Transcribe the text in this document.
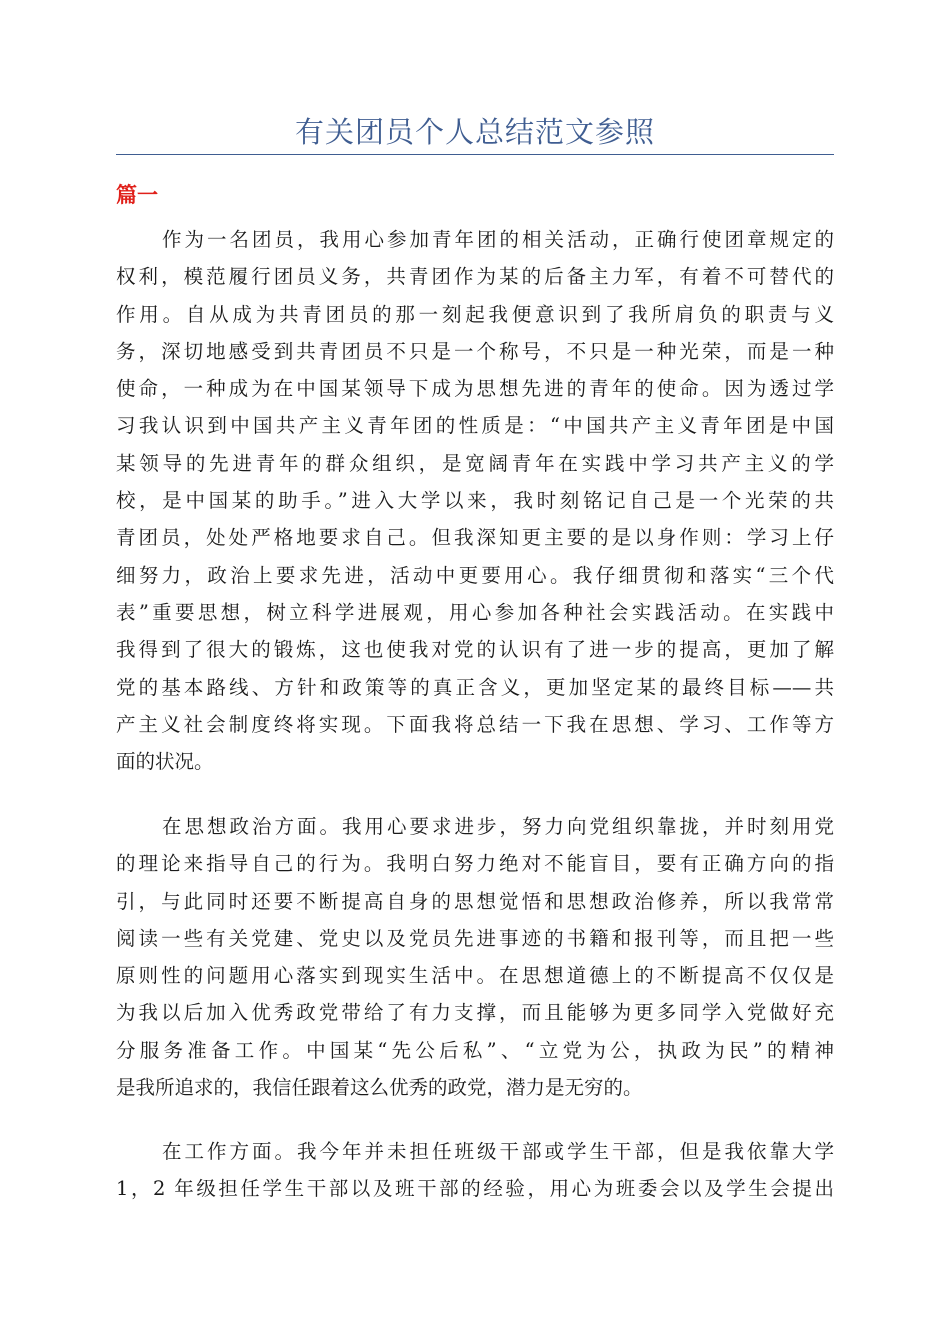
有关团员个人总结范文参照
篇一
作为一名团员，我用心参加青年团的相关活动，正确行使团章规定的
权利，模范履行团员义务，共青团作为某的后备主力军，有着不可替代的
作用。自从成为共青团员的那一刻起我便意识到了我所肩负的职责与义
务，深切地感受到共青团员不只是一个称号，不只是一种光荣，而是一种
使命，一种成为在中国某领导下成为思想先进的青年的使命。因为透过学
习我认识到中国共产主义青年团的性质是：“中国共产主义青年团是中国
某领导的先进青年的群众组织，是宽阔青年在实践中学习共产主义的学
校，是中国某的助手。”进入大学以来，我时刻铭记自己是一个光荣的共
青团员，处处严格地要求自己。但我深知更主要的是以身作则：学习上仔
细努力，政治上要求先进，活动中更要用心。我仔细贯彻和落实“三个代
表”重要思想，树立科学进展观，用心参加各种社会实践活动。在实践中
我得到了很大的锻炼，这也使我对党的认识有了进一步的提高，更加了解
党的基本路线、方针和政策等的真正含义，更加坚定某的最终目标——共
产主义社会制度终将实现。下面我将总结一下我在思想、学习、工作等方
面的状况。
在思想政治方面。我用心要求进步，努力向党组织靠拢，并时刻用党
的理论来指导自己的行为。我明白努力绝对不能盲目，要有正确方向的指
引，与此同时还要不断提高自身的思想觉悟和思想政治修养，所以我常常
阅读一些有关党建、党史以及党员先进事迹的书籍和报刊等，而且把一些
原则性的问题用心落实到现实生活中。在思想道德上的不断提高不仅仅是
为我以后加入优秀政党带给了有力支撑，而且能够为更多同学入党做好充
分服务准备工作。中国某“先公后私”、“立党为公，执政为民”的精神
是我所追求的，我信任跟着这么优秀的政党，潜力是无穷的。
在工作方面。我今年并未担任班级干部或学生干部，但是我依靠大学
1，2 年级担任学生干部以及班干部的经验，用心为班委会以及学生会提出
